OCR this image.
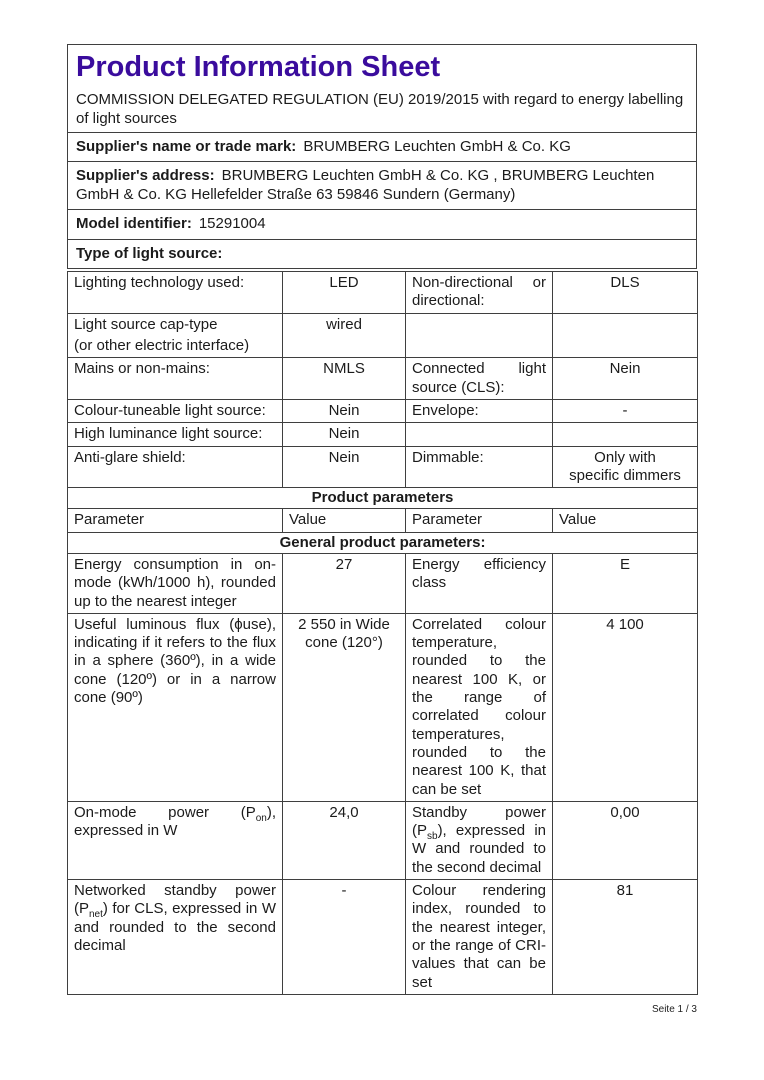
Product Information Sheet
COMMISSION DELEGATED REGULATION (EU) 2019/2015 with regard to energy labelling of light sources
Supplier's name or trade mark: BRUMBERG Leuchten GmbH & Co. KG
Supplier's address: BRUMBERG Leuchten GmbH & Co. KG , BRUMBERG Leuchten GmbH & Co. KG Hellefelder Straße 63 59846 Sundern (Germany)
Model identifier: 15291004
Type of light source:
Lighting technology used:	LED	Non-directional or directional:	DLS

Light source cap-type
(or other electric interface)	wired		
Mains or non-mains:	NMLS	Connected light source (CLS):	Nein
Colour-tuneable light source:	Nein	Envelope:	-
High luminance light source:	Nein		
Anti-glare shield:	Nein	Dimmable:	Only with
specific dimmers
Product parameters			
Parameter	Value	Parameter	Value
General product parameters:			
Energy consumption in on-mode (kWh/1000 h), rounded up to the nearest integer	27	Energy efficiency class	E
Useful luminous flux (ϕuse), indicating if it refers to the flux in a sphere (360º), in a wide cone (120º) or in a narrow cone (90º)	2 550 in Wide
cone (120°)	Correlated colour temperature, rounded to the nearest 100 K, or the range of correlated colour temperatures, rounded to the nearest 100 K, that can be set	4 100
On-mode power $(P_{on})$, expressed in W	24,0	Standby power $(P_{sb})$, expressed in W and rounded to the second decimal	0,00
Networked standby power $(P_{net})$ for CLS, expressed in W and rounded to the second decimal	-	Colour rendering index, rounded to the nearest integer, or the range of CRI-values that can be set	81
Seite 1 / 3
